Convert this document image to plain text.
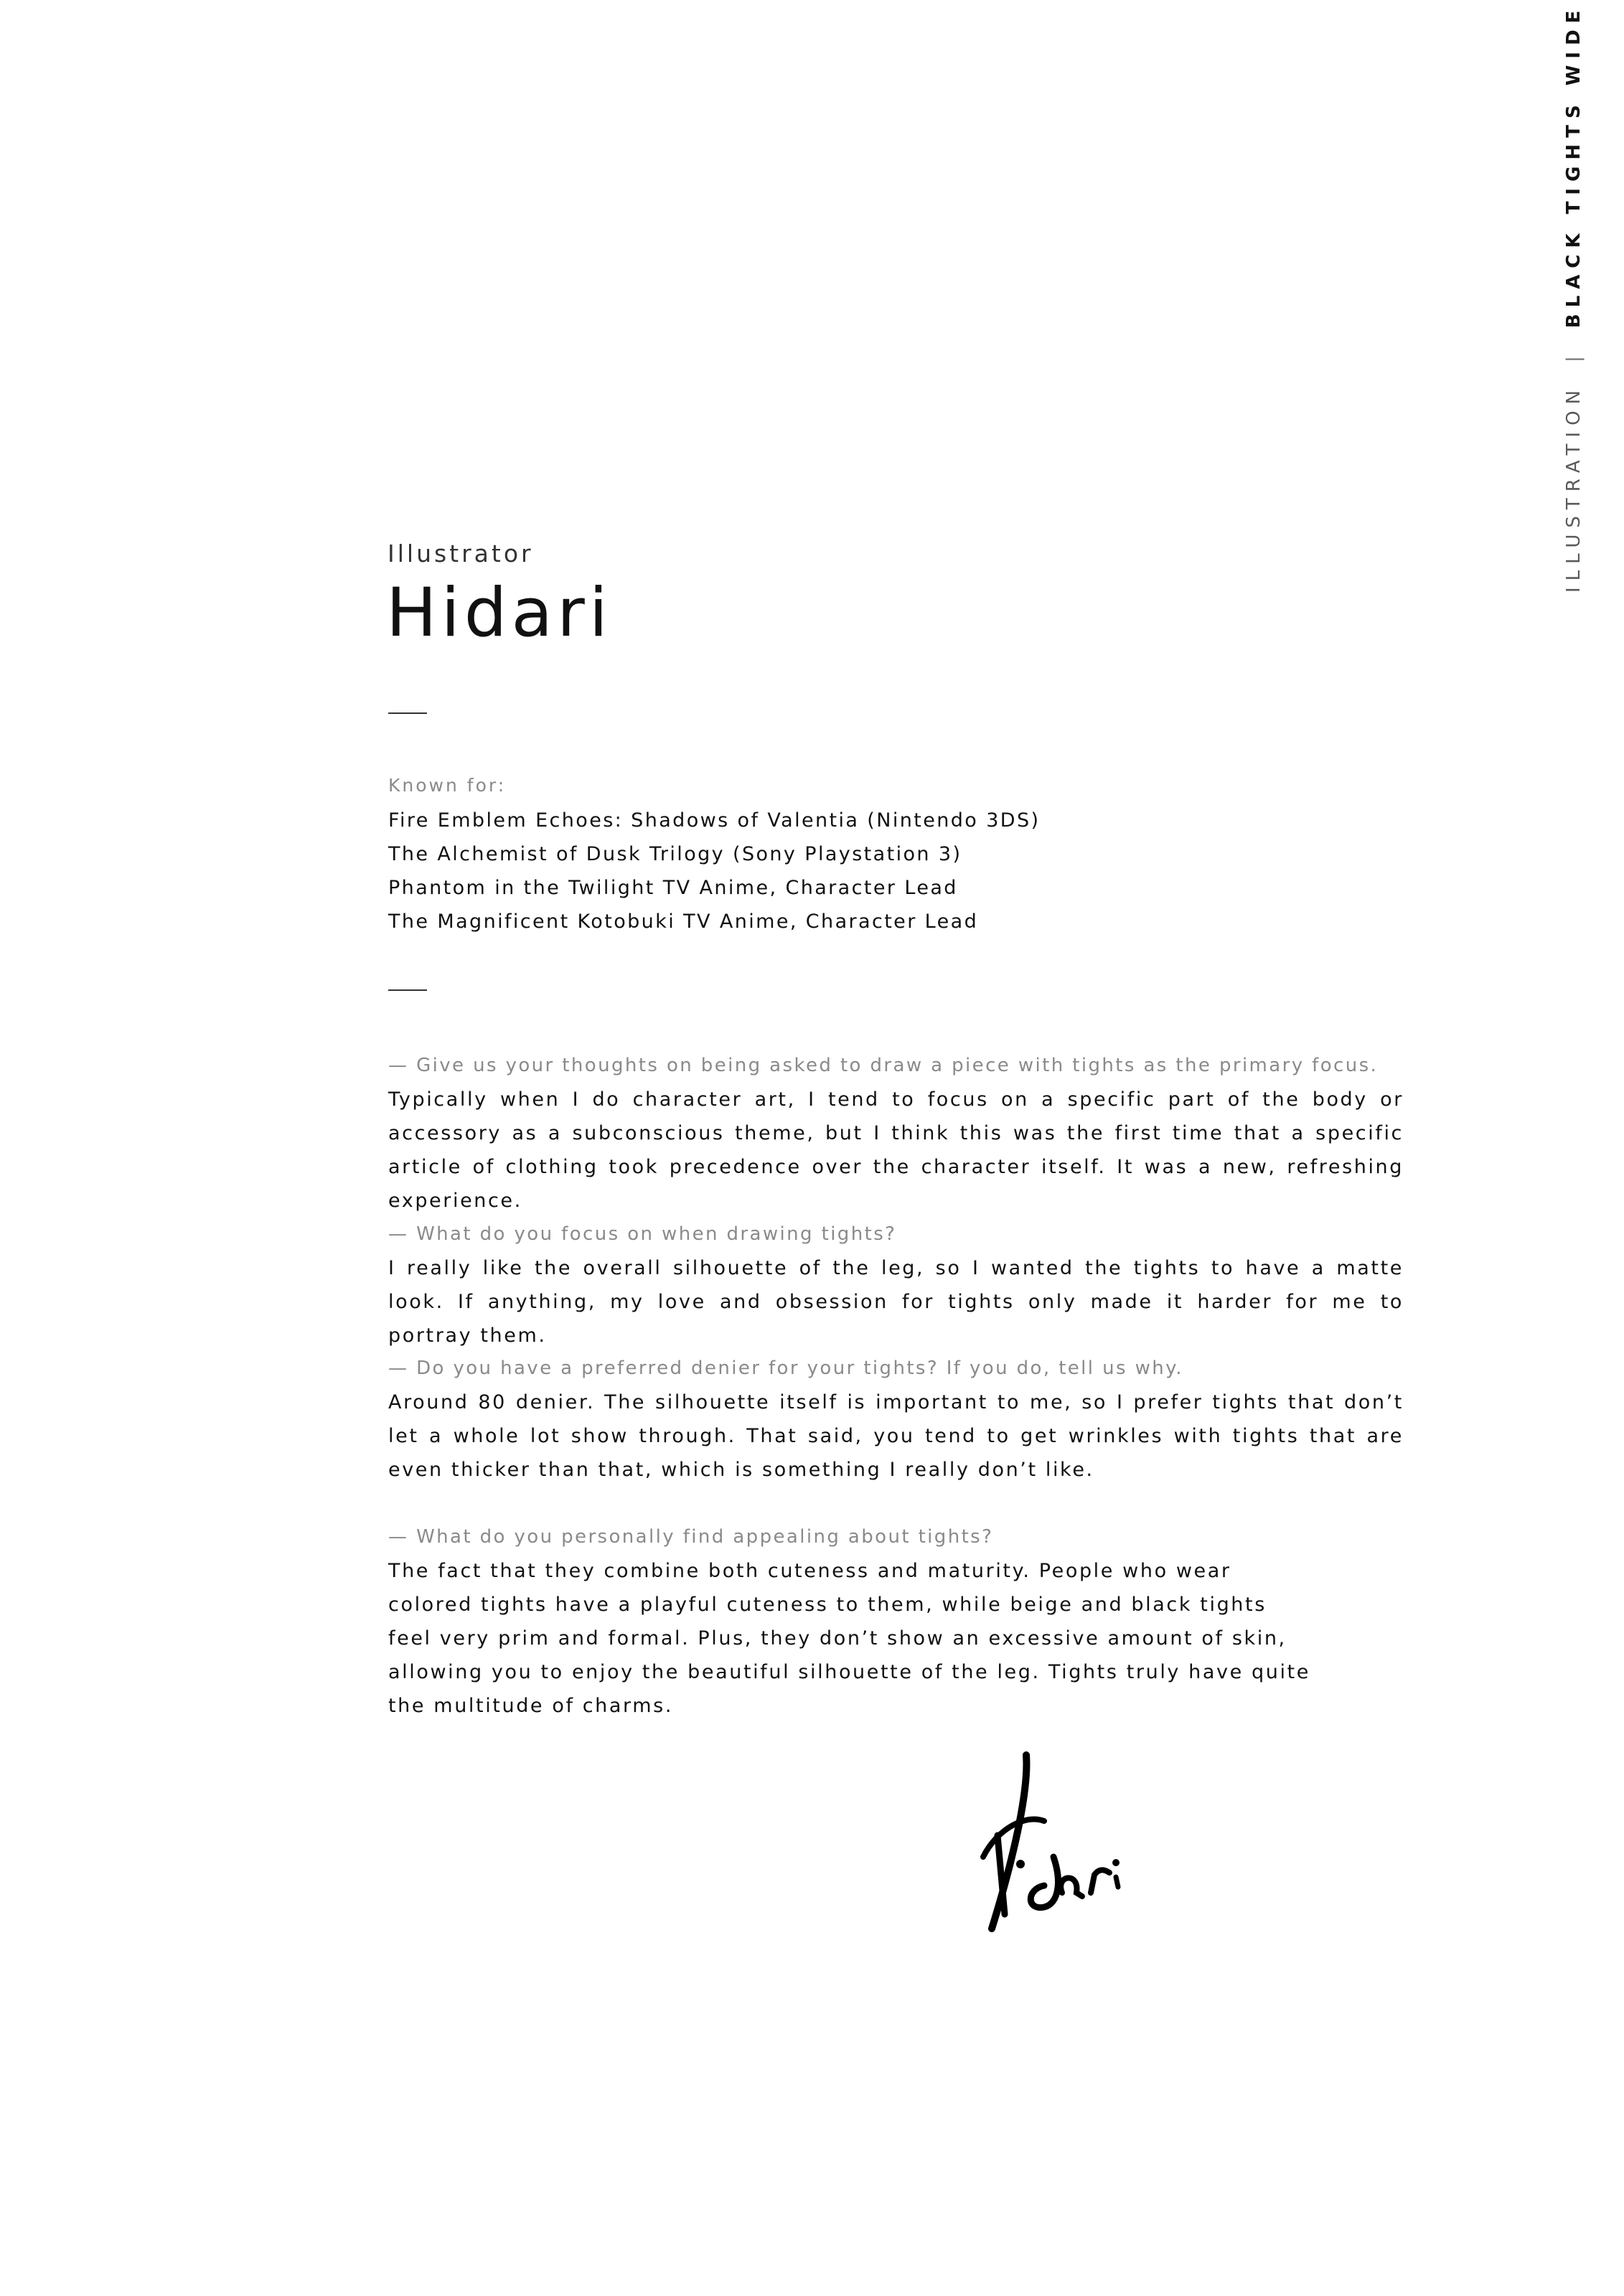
ILLUSTRATION
|
BLACK TIGHTS WIDE
Illustrator
Hidari
Known for:
Fire Emblem Echoes: Shadows of Valentia (Nintendo 3DS)
The Alchemist of Dusk Trilogy (Sony Playstation 3)
Phantom in the Twilight TV Anime, Character Lead
The Magnificent Kotobuki TV Anime, Character Lead
— Give us your thoughts on being asked to draw a piece with tights as the primary focus.
Typically when I do character art, I tend to focus on a specific part of the body or accessory as a subconscious theme, but I think this was the first time that a specific article of clothing took precedence over the character itself. It was a new, refreshing experience.
— What do you focus on when drawing tights?
I really like the overall silhouette of the leg, so I wanted the tights to have a matte look. If anything, my love and obsession for tights only made it harder for me to portray them.
— Do you have a preferred denier for your tights? If you do, tell us why.
Around 80 denier. The silhouette itself is important to me, so I prefer tights that don’t let a whole lot show through. That said, you tend to get wrinkles with tights that are even thicker than that, which is something I really don’t like.
— What do you personally find appealing about tights?
The fact that they combine both cuteness and maturity. People who wear colored tights have a playful cuteness to them, while beige and black tights feel very prim and formal. Plus, they don’t show an excessive amount of skin, allowing you to enjoy the beautiful silhouette of the leg. Tights truly have quite the multitude of charms.
